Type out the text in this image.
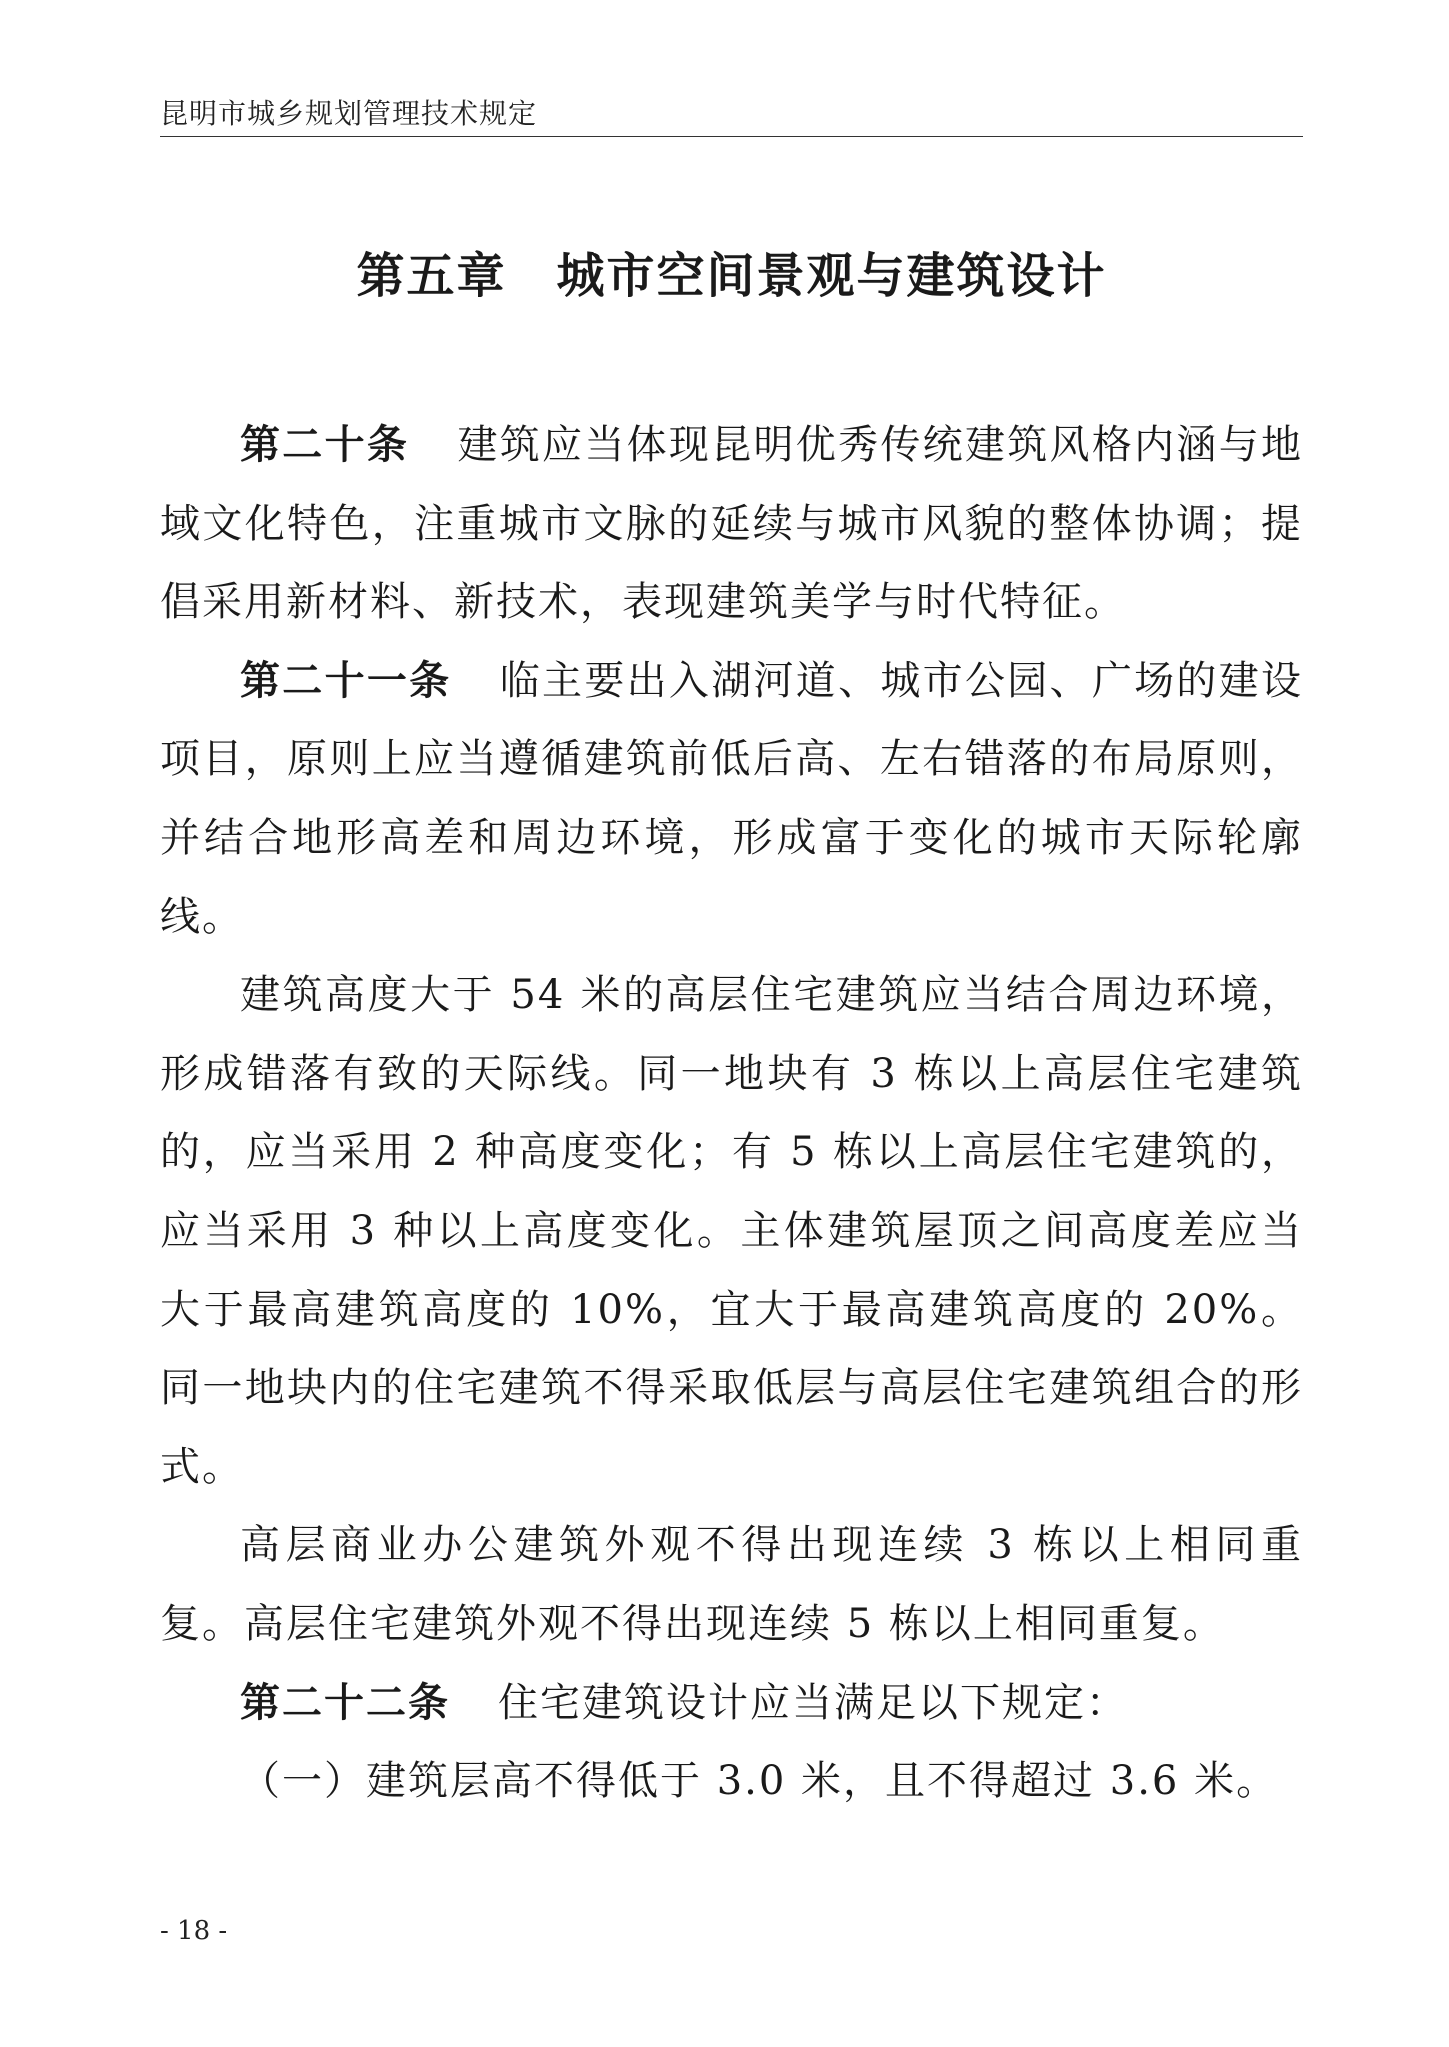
昆明市城乡规划管理技术规定
第五章　城市空间景观与建筑设计

第二十条 建筑应当体现昆明优秀传统建筑风格内涵与地域文化特色，注重城市文脉的延续与城市风貌的整体协调；提倡采用新材料、新技术，表现建筑美学与时代特征。

第二十一条 临主要出入湖河道、城市公园、广场的建设项目，原则上应当遵循建筑前低后高、左右错落的布局原则，并结合地形高差和周边环境，形成富于变化的城市天际轮廓线。

建筑高度大于 54 米的高层住宅建筑应当结合周边环境，形成错落有致的天际线。同一地块有 3 栋以上高层住宅建筑的，应当采用 2 种高度变化；有 5 栋以上高层住宅建筑的，应当采用 3 种以上高度变化。主体建筑屋顶之间高度差应当大于最高建筑高度的 10%，宜大于最高建筑高度的 20%。同一地块内的住宅建筑不得采取低层与高层住宅建筑组合的形式。

高层商业办公建筑外观不得出现连续 3 栋以上相同重复。高层住宅建筑外观不得出现连续 5 栋以上相同重复。

第二十二条 住宅建筑设计应当满足以下规定：

（一）建筑层高不得低于 3.0 米，且不得超过 3.6 米。

- 18 -
